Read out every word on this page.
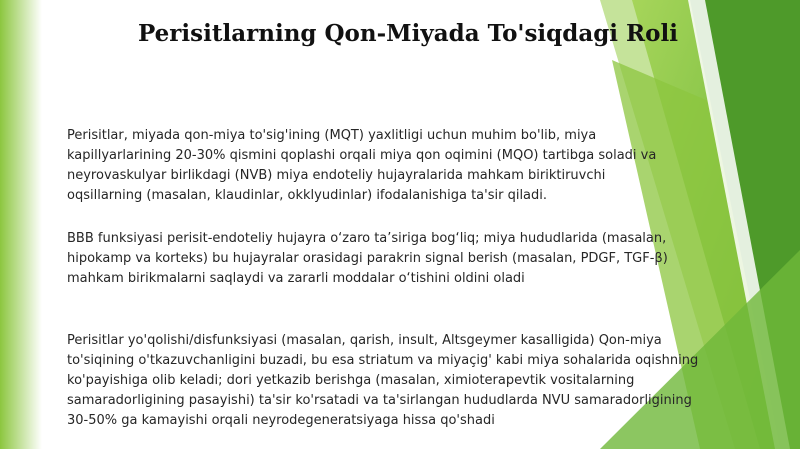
Perisitlarning Qon-Miyada To'siqdagi Roli
Perisitlar, miyada qon-miya to'sig'ining (MQT) yaxlitligi uchun muhim bo'lib, miya
kapillyarlarining 20-30% qismini qoplashi orqali miya qon oqimini (MQO) tartibga soladi va
neyrovaskulyar birlikdagi (NVB) miya endoteliy hujayralarida mahkam biriktiruvchi
oqsillarning (masalan, klaudinlar, okklyudinlar) ifodalanishiga ta'sir qiladi.
BBB funksiyasi perisit-endoteliy hujayra o‘zaro ta’siriga bog‘liq; miya hududlarida (masalan,
hipokamp va korteks) bu hujayralar orasidagi parakrin signal berish (masalan, PDGF, TGF-β)
mahkam birikmalarni saqlaydi va zararli moddalar o‘tishini oldini oladi
Perisitlar yo'qolishi/disfunksiyasi (masalan, qarish, insult, Altsgeymer kasalligida) Qon-miya
to'siqining o'tkazuvchanligini buzadi, bu esa striatum va miyaçig' kabi miya sohalarida oqishning
ko'payishiga olib keladi; dori yetkazib berishga (masalan, ximioterapevtik vositalarning
samaradorligining pasayishi) ta'sir ko'rsatadi va ta'sirlangan hududlarda NVU samaradorligining
30-50% ga kamayishi orqali neyrodegeneratsiyaga hissa qo'shadi
